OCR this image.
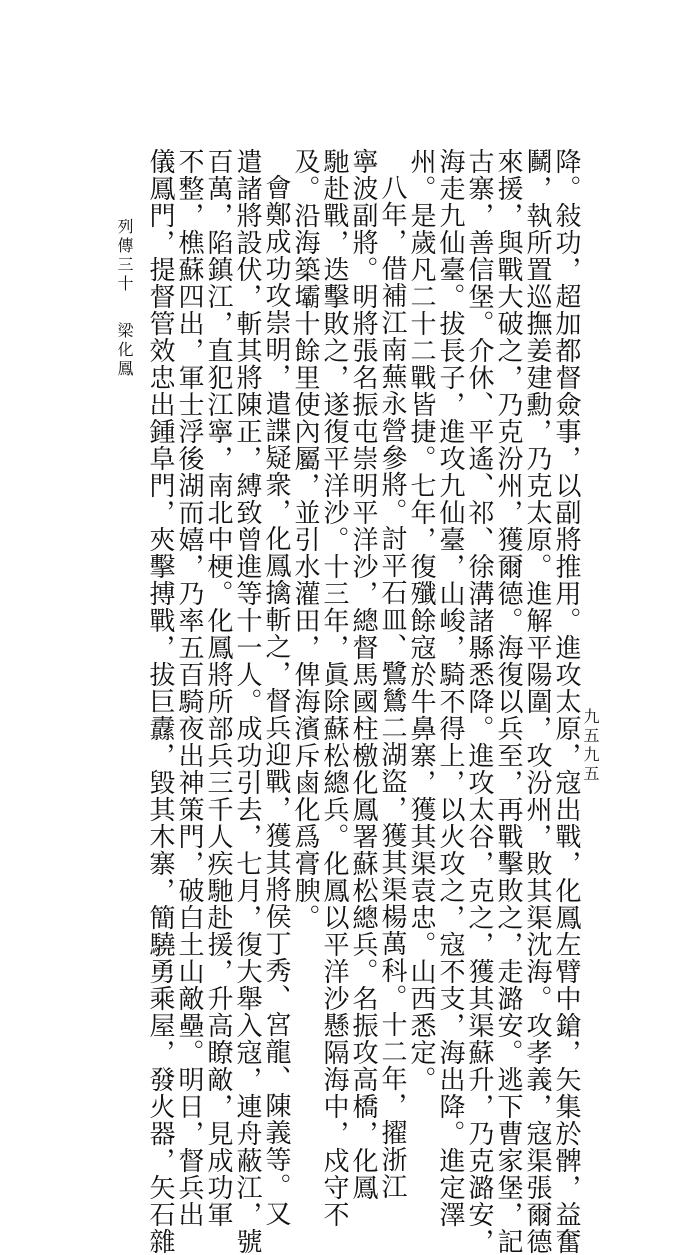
列傳三十
梁化鳳
九五九五
降。敍功，超加都督僉事，以副將推用。進攻太原，寇出戰，化鳳左臂中鎗，矢集於髀，益奮
鬭，執所置巡撫姜建勳，乃克太原。進解平陽圍，攻汾州，敗其渠沈海。攻孝義，寇渠張爾德
來援，與戰大破之，乃克汾州，獲爾德。海復以兵至，再戰擊敗之，走潞安。逃下曹家堡，記
古寨，善信堡。介休、平遙、祁、徐溝諸縣悉降。進攻太谷，克之，獲其渠蘇升，乃克潞安，
海走九仙臺。拔長子，進攻九仙臺，山峻，騎不得上，以火攻之，寇不支，海出降。進定澤
州。是歲凡二十二戰皆捷。七年，復殲餘寇於牛鼻寨，獲其渠袁忠。山西悉定。
八年，借補江南蕪永營參將。討平石皿、鷺鷥二湖盜，獲其渠楊萬科。十二年，擢浙江
寧波副將。明將張名振屯崇明平洋沙，總督馬國柱檄化鳳署蘇松總兵。名振攻高橋，化鳳
馳赴戰，迭擊敗之，遂復平洋沙。十三年，眞除蘇松總兵。化鳳以平洋沙懸隔海中，戍守不
及。沿海築壩十餘里使內屬，並引水灌田，俾海濱斥鹵化爲膏腴。
會鄭成功攻崇明，遣諜疑衆，化鳳擒斬之，督兵迎戰，獲其將侯丁秀、宮龍、陳義等。又
遣諸將設伏，斬其將陳正，縛致曾進等十一人。成功引去，七月，復大舉入寇，連舟蔽江，號
百萬，陷鎮江，直犯江寧，南北中梗。化鳳將所部兵三千人疾馳赴援，升高瞭敵，見成功軍
不整，樵蘇四出，軍士浮後湖而嬉，乃率五百騎夜出神策門，破白土山敵壘。明日，督兵出
儀鳳門，提督管效忠出鍾阜門，夾擊搏戰，拔巨纛，毀其木寨，簡驍勇乘屋，發火器，矢石雜
